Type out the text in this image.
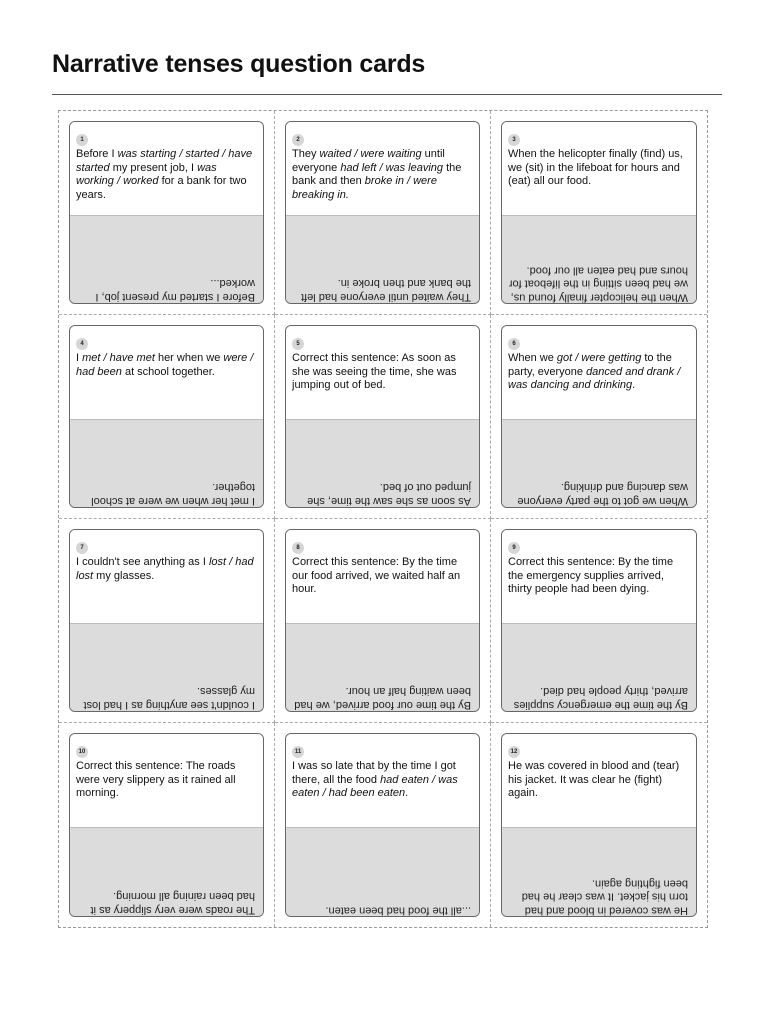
Narrative tenses question cards
1
Before I was starting / started / have started my present job, I was working / worked for a bank for two years.
Before I started my present job, I worked...
2
They waited / were waiting until everyone had left / was leaving the bank and then broke in / were breaking in.
They waited until everyone had left the bank and then broke in.
3
When the helicopter finally (find) us, we (sit) in the lifeboat for hours and (eat) all our food.
When the helicopter finally found us, we had been sitting in the lifeboat for hours and had eaten all our food.
4
I met / have met her when we were / had been at school together.
I met her when we were at school together.
5
Correct this sentence: As soon as she was seeing the time, she was jumping out of bed.
As soon as she saw the time, she jumped out of bed.
6
When we got / were getting to the party, everyone danced and drank / was dancing and drinking.
When we got to the party everyone was dancing and drinking.
7
I couldn't see anything as I lost / had lost my glasses.
I couldn't see anything as I had lost my glasses.
8
Correct this sentence: By the time our food arrived, we waited half an hour.
By the time our food arrived, we had been waiting half an hour.
9
Correct this sentence: By the time the emergency supplies arrived, thirty people had been dying.
By the time the emergency supplies arrived, thirty people had died.
10
Correct this sentence: The roads were very slippery as it rained all morning.
The roads were very slippery as it had been raining all morning.
11
I was so late that by the time I got there, all the food had eaten / was eaten / had been eaten.
...all the food had been eaten.
12
He was covered in blood and (tear) his jacket. It was clear he (fight) again.
He was covered in blood and had torn his jacket. It was clear he had been fighting again.
